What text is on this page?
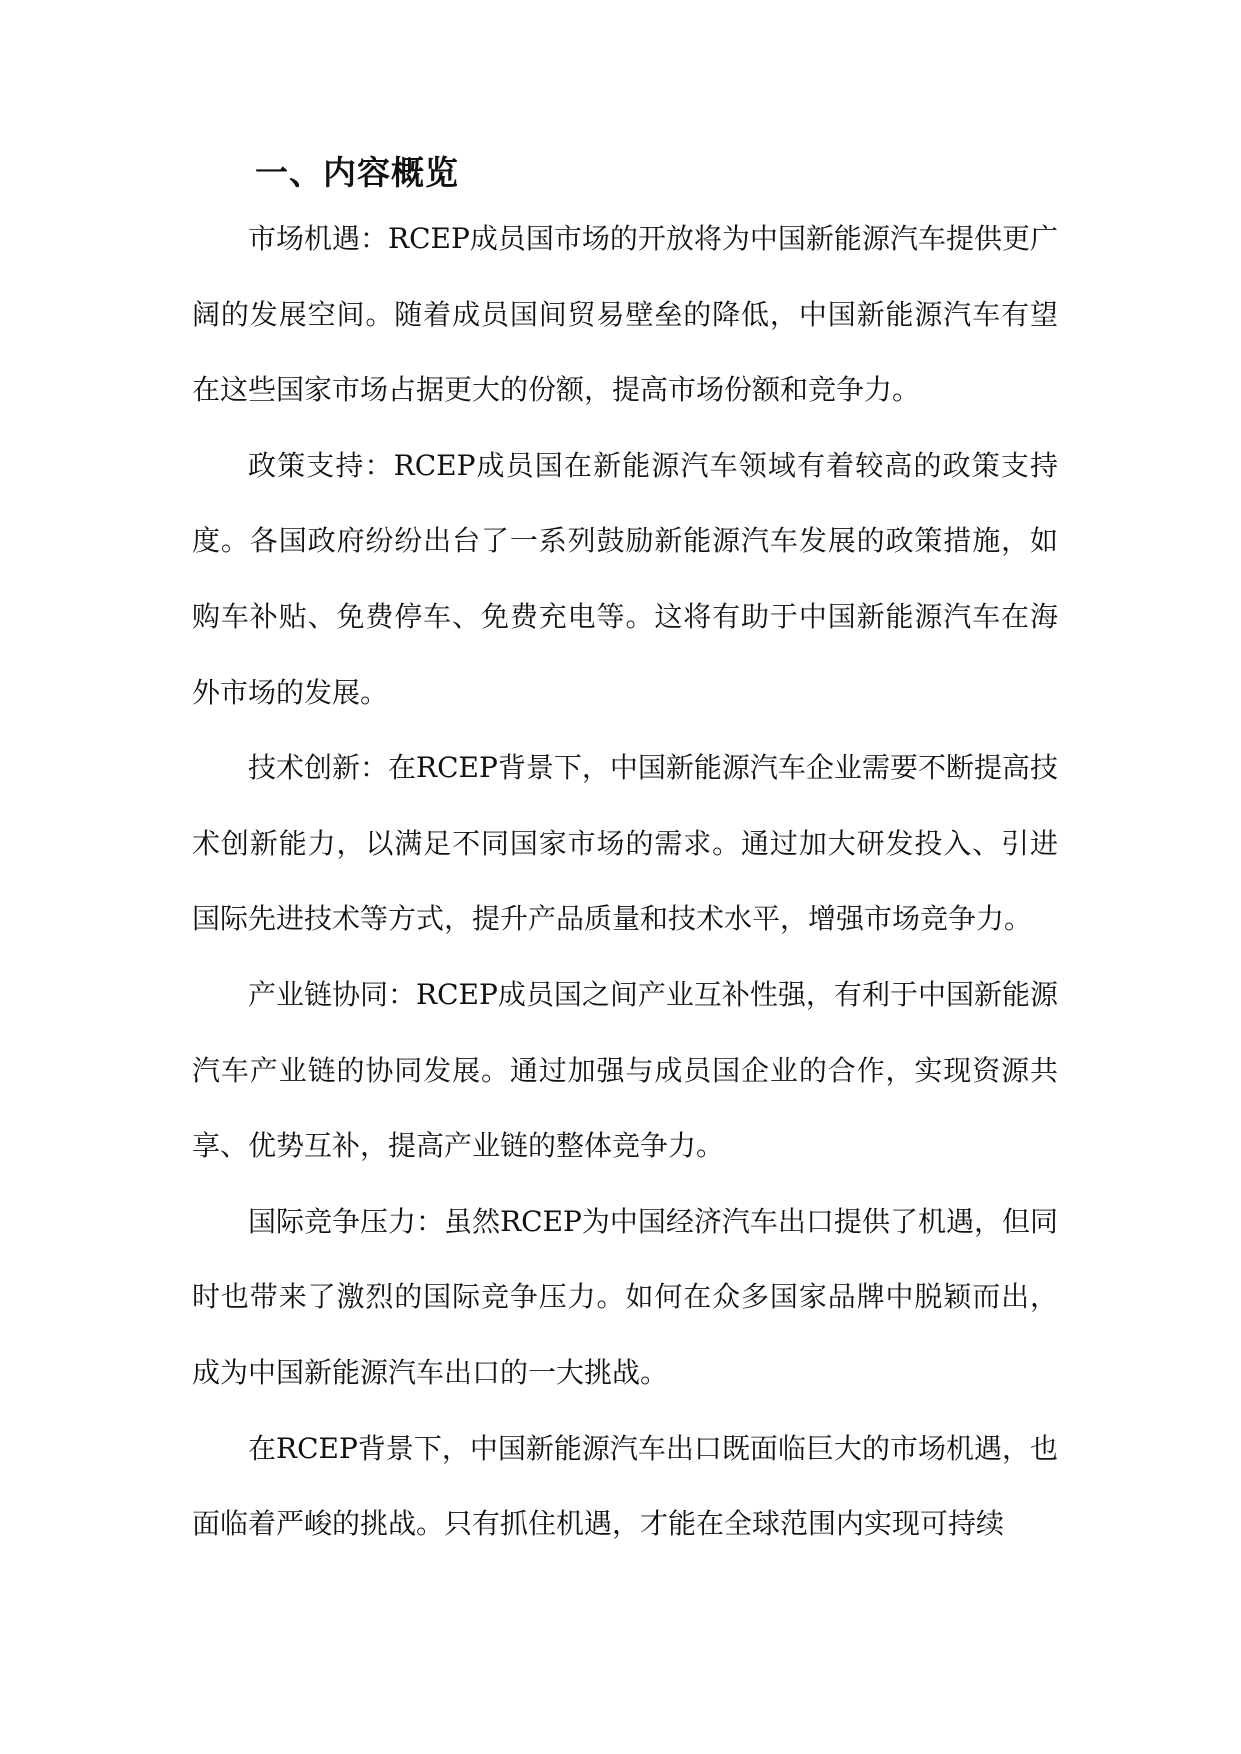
一、内容概览

市场机遇：RCEP成员国市场的开放将为中国新能源汽车提供更广阔的发展空间。随着成员国间贸易壁垒的降低，中国新能源汽车有望在这些国家市场占据更大的份额，提高市场份额和竞争力。

政策支持：RCEP成员国在新能源汽车领域有着较高的政策支持度。各国政府纷纷出台了一系列鼓励新能源汽车发展的政策措施，如购车补贴、免费停车、免费充电等。这将有助于中国新能源汽车在海外市场的发展。

技术创新：在RCEP背景下，中国新能源汽车企业需要不断提高技术创新能力，以满足不同国家市场的需求。通过加大研发投入、引进国际先进技术等方式，提升产品质量和技术水平，增强市场竞争力。

产业链协同：RCEP成员国之间产业互补性强，有利于中国新能源汽车产业链的协同发展。通过加强与成员国企业的合作，实现资源共享、优势互补，提高产业链的整体竞争力。

国际竞争压力：虽然RCEP为中国经济汽车出口提供了机遇，但同时也带来了激烈的国际竞争压力。如何在众多国家品牌中脱颖而出，成为中国新能源汽车出口的一大挑战。

在RCEP背景下，中国新能源汽车出口既面临巨大的市场机遇，也面临着严峻的挑战。只有抓住机遇，才能在全球范围内实现可持续
